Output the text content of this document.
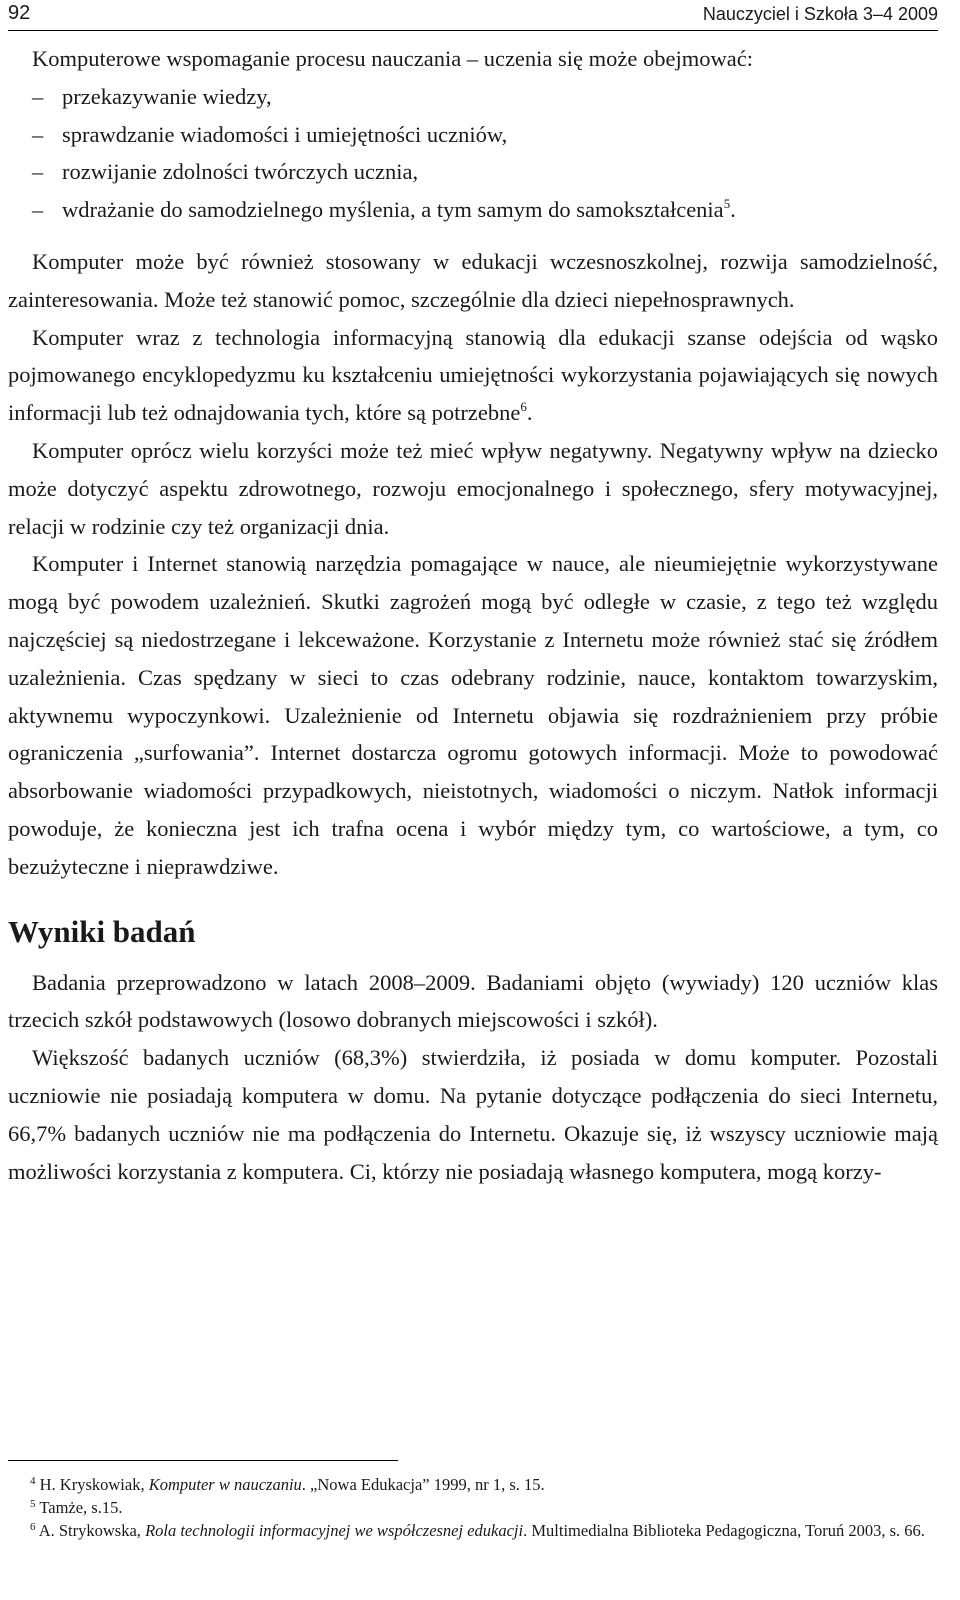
92	Nauczyciel i Szkoła 3–4 2009

Komputerowe wspomaganie procesu nauczania – uczenia się może obejmować:

– przekazywanie wiedzy,
– sprawdzanie wiadomości i umiejętności uczniów,
– rozwijanie zdolności twórczych ucznia,
– wdrażanie do samodzielnego myślenia, a tym samym do samokształcenia$^5$.

Komputer może być również stosowany w edukacji wczesnoszkolnej, rozwija samodzielność, zainteresowania. Może też stanowić pomoc, szczególnie dla dzieci niepełnosprawnych.

Komputer wraz z technologia informacyjną stanowią dla edukacji szanse odejścia od wąsko pojmowanego encyklopedyzmu ku kształceniu umiejętności wykorzystania pojawiających się nowych informacji lub też odnajdowania tych, które są potrzebne$^6$.

Komputer oprócz wielu korzyści może też mieć wpływ negatywny. Negatywny wpływ na dziecko może dotyczyć aspektu zdrowotnego, rozwoju emocjonalnego i społecznego, sfery motywacyjnej, relacji w rodzinie czy też organizacji dnia.

Komputer i Internet stanowią narzędzia pomagające w nauce, ale nieumiejętnie wykorzystywane mogą być powodem uzależnień. Skutki zagrożeń mogą być odległe w czasie, z tego też względu najczęściej są niedostrzegane i lekceważone. Korzystanie z Internetu może również stać się źródłem uzależnienia. Czas spędzany w sieci to czas odebrany rodzinie, nauce, kontaktom towarzyskim, aktywnemu wypoczynkowi. Uzależnienie od Internetu objawia się rozdrażnieniem przy próbie ograniczenia „surfowania”. Internet dostarcza ogromu gotowych informacji. Może to powodować absorbowanie wiadomości przypadkowych, nieistotnych, wiadomości o niczym. Natłok informacji powoduje, że konieczna jest ich trafna ocena i wybór między tym, co wartościowe, a tym, co bezużyteczne i nieprawdziwe.

Wyniki badań

Badania przeprowadzono w latach 2008–2009. Badaniami objęto (wywiady) 120 uczniów klas trzecich szkół podstawowych (losowo dobranych miejscowości i szkół).

Większość badanych uczniów (68,3%) stwierdziła, iż posiada w domu komputer. Pozostali uczniowie nie posiadają komputera w domu. Na pytanie dotyczące podłączenia do sieci Internetu, 66,7% badanych uczniów nie ma podłączenia do Internetu. Okazuje się, iż wszyscy uczniowie mają możliwości korzystania z komputera. Ci, którzy nie posiadają własnego komputera, mogą korzy-

$^4$ H. Kryskowiak, Komputer w nauczaniu. „Nowa Edukacja” 1999, nr 1, s. 15.

$^5$ Tamże, s.15.

$^6$ A. Strykowska, Rola technologii informacyjnej we współczesnej edukacji. Multimedialna Biblioteka Pedagogiczna, Toruń 2003, s. 66.
